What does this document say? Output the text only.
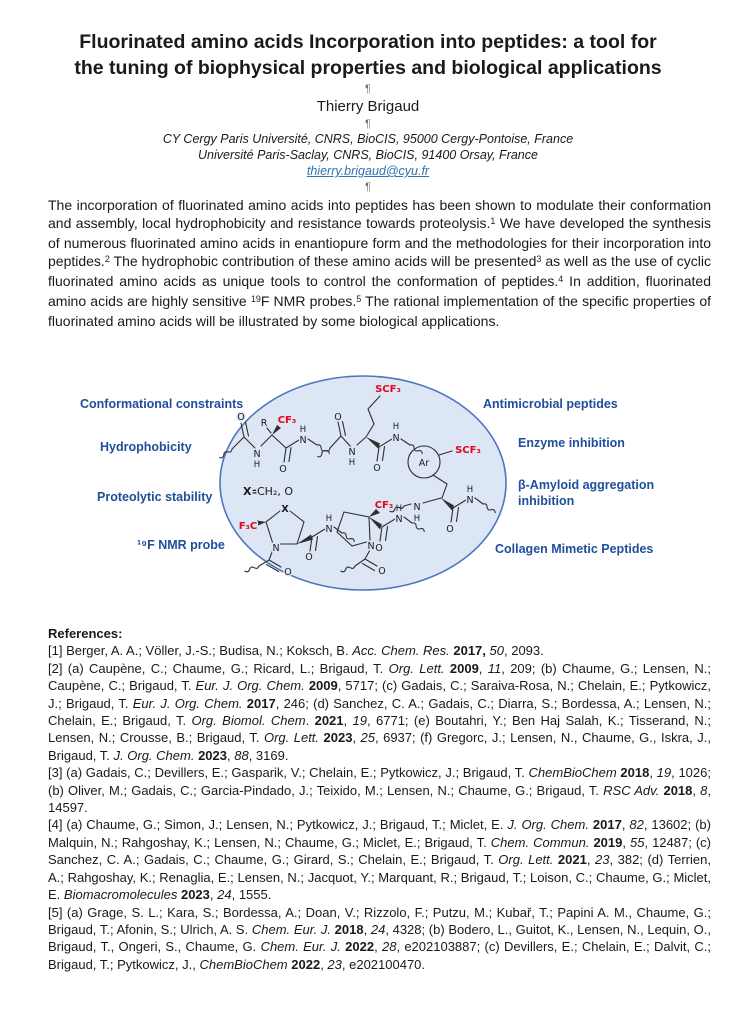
Fluorinated amino acids Incorporation into peptides: a tool for the tuning of biophysical properties and biological applications
¶
Thierry Brigaud
¶
CY Cergy Paris Université, CNRS, BioCIS, 95000 Cergy-Pontoise, France
Université Paris-Saclay, CNRS, BioCIS, 91400 Orsay, France
thierry.brigaud@cyu.fr
¶

The incorporation of fluorinated amino acids into peptides has been shown to modulate their conformation and assembly, local hydrophobicity and resistance towards proteolysis.$^1$ We have developed the synthesis of numerous fluorinated amino acids in enantiopure form and the methodologies for their incorporation into peptides.$^2$ The hydrophobic contribution of these amino acids will be presented$^3$ as well as the use of cyclic fluorinated amino acids as unique tools to control the conformation of peptides.$^4$ In addition, fluorinated amino acids are highly sensitive $^{19}$F NMR probes.$^5$ The rational implementation of the specific properties of fluorinated amino acids will be illustrated by some biological applications.

SCF₃
O
N
H O
N
H
O
R CF₃
N
H O
N
H
X=
CH₂, O
X
F₃C
N
O
O
N
H
CF₃
N
O
O
N
H
Ar
SCF₃
N
H
O
N
H
Conformational constraints
Hydrophobicity
Proteolytic stability
¹⁹F NMR probe
Antimicrobial peptides
Enzyme inhibition
β-Amyloid aggregation inhibition
Collagen Mimetic Peptides
References:

[1] Berger, A. A.; Völler, J.-S.; Budisa, N.; Koksch, B. Acc. Chem. Res. 2017, 50, 2093.

[2] (a) Caupène, C.; Chaume, G.; Ricard, L.; Brigaud, T. Org. Lett. 2009, 11, 209; (b) Chaume, G.; Lensen, N.; Caupène, C.; Brigaud, T. Eur. J. Org. Chem. 2009, 5717; (c) Gadais, C.; Saraiva-Rosa, N.; Chelain, E.; Pytkowicz, J.; Brigaud, T. Eur. J. Org. Chem. 2017, 246; (d) Sanchez, C. A.; Gadais, C.; Diarra, S.; Bordessa, A.; Lensen, N.; Chelain, E.; Brigaud, T. Org. Biomol. Chem. 2021, 19, 6771; (e) Boutahri, Y.; Ben Haj Salah, K.; Tisserand, N.; Lensen, N.; Crousse, B.; Brigaud, T. Org. Lett. 2023, 25, 6937; (f) Gregorc, J.; Lensen, N., Chaume, G., Iskra, J., Brigaud, T. J. Org. Chem. 2023, 88, 3169.

[3] (a) Gadais, C.; Devillers, E.; Gasparik, V.; Chelain, E.; Pytkowicz, J.; Brigaud, T. ChemBioChem 2018, 19, 1026; (b) Oliver, M.; Gadais, C.; Garcia-Pindado, J.; Teixido, M.; Lensen, N.; Chaume, G.; Brigaud, T. RSC Adv. 2018, 8, 14597.

[4] (a) Chaume, G.; Simon, J.; Lensen, N.; Pytkowicz, J.; Brigaud, T.; Miclet, E. J. Org. Chem. 2017, 82, 13602; (b) Malquin, N.; Rahgoshay, K.; Lensen, N.; Chaume, G.; Miclet, E.; Brigaud, T. Chem. Commun. 2019, 55, 12487; (c) Sanchez, C. A.; Gadais, C.; Chaume, G.; Girard, S.; Chelain, E.; Brigaud, T. Org. Lett. 2021, 23, 382; (d) Terrien, A.; Rahgoshay, K.; Renaglia, E.; Lensen, N.; Jacquot, Y.; Marquant, R.; Brigaud, T.; Loison, C.; Chaume, G.; Miclet, E. Biomacromolecules 2023, 24, 1555.

[5] (a) Grage, S. L.; Kara, S.; Bordessa, A.; Doan, V.; Rizzolo, F.; Putzu, M.; Kubař, T.; Papini A. M., Chaume, G.; Brigaud, T.; Afonin, S.; Ulrich, A. S. Chem. Eur. J. 2018, 24, 4328; (b) Bodero, L., Guitot, K., Lensen, N., Lequin, O., Brigaud, T., Ongeri, S., Chaume, G. Chem. Eur. J. 2022, 28, e202103887; (c) Devillers, E.; Chelain, E.; Dalvit, C.; Brigaud, T.; Pytkowicz, J., ChemBioChem 2022, 23, e202100470.
